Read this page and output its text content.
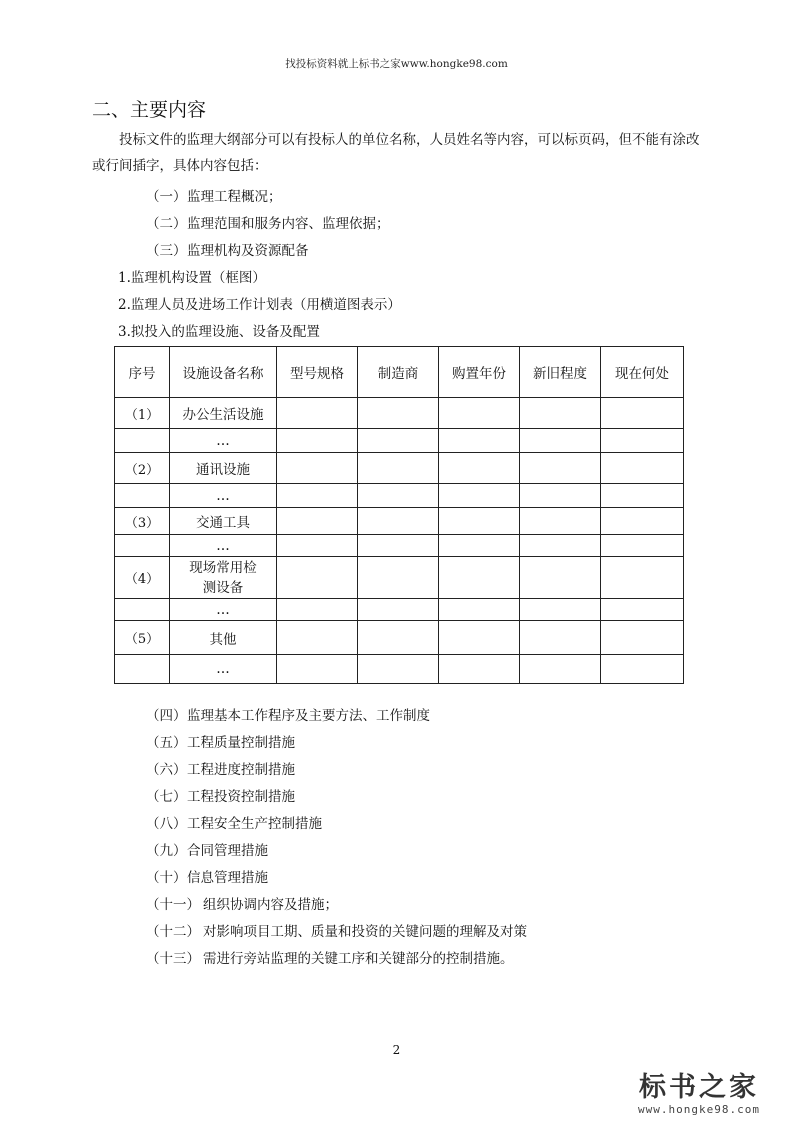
找投标资料就上标书之家www.hongke98.com
二、主要内容
投标文件的监理大纲部分可以有投标人的单位名称，人员姓名等内容，可以标页码，但不能有涂改
或行间插字，具体内容包括：
（一）监理工程概况；
（二）监理范围和服务内容、监理依据；
（三）监理机构及资源配备
1.监理机构设置（框图）
2.监理人员及进场工作计划表（用横道图表示）
3.拟投入的监理设施、设备及配置
序号	设施设备名称	型号规格	制造商	购置年份	新旧程度	现在何处
（1）	办公生活设施					
	…					
（2）	通讯设施					
	…					
（3）	交通工具					
	…					
（4）	现场常用检测设备					
	…					
（5）	其他					
	…					
（四）监理基本工作程序及主要方法、工作制度
（五）工程质量控制措施
（六）工程进度控制措施
（七）工程投资控制措施
（八）工程安全生产控制措施
（九）合同管理措施
（十）信息管理措施
（十一） 组织协调内容及措施；
（十二） 对影响项目工期、质量和投资的关键问题的理解及对策
（十三） 需进行旁站监理的关键工序和关键部分的控制措施。
2
标书之家
www.hongke98.com
